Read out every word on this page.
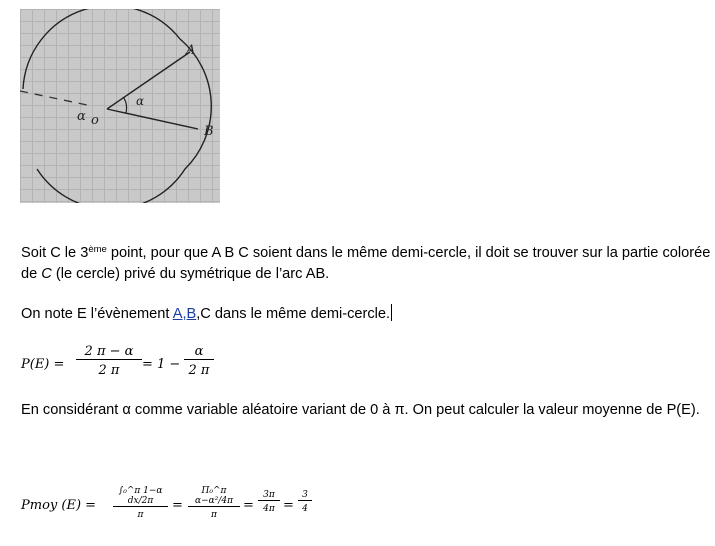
A
B
α
α o
Soit C le 3ème point, pour que A B C soient dans le même demi-cercle, il doit se trouver sur la partie colorée de C (le cercle) privé du symétrique de l’arc AB.
On note E l’évènement A,B,C dans le même demi-cercle.
$P(E) = \frac{2 \pi - \alpha}{2 \pi} = 1 - \frac{\alpha}{2 \pi}$
En considérant α comme variable aléatoire variant de 0 à π. On peut calculer la valeur moyenne de P(E).
Pmoy $(E) = \frac{\text{∫₀\textasciicircum{}π 1−α dx/2π}}{\pi} = \frac{\text{Π₀\textasciicircum{}π α−α²/4π}}{\pi} = \frac{3\pi}{4\pi} = \frac{3}{4}$
